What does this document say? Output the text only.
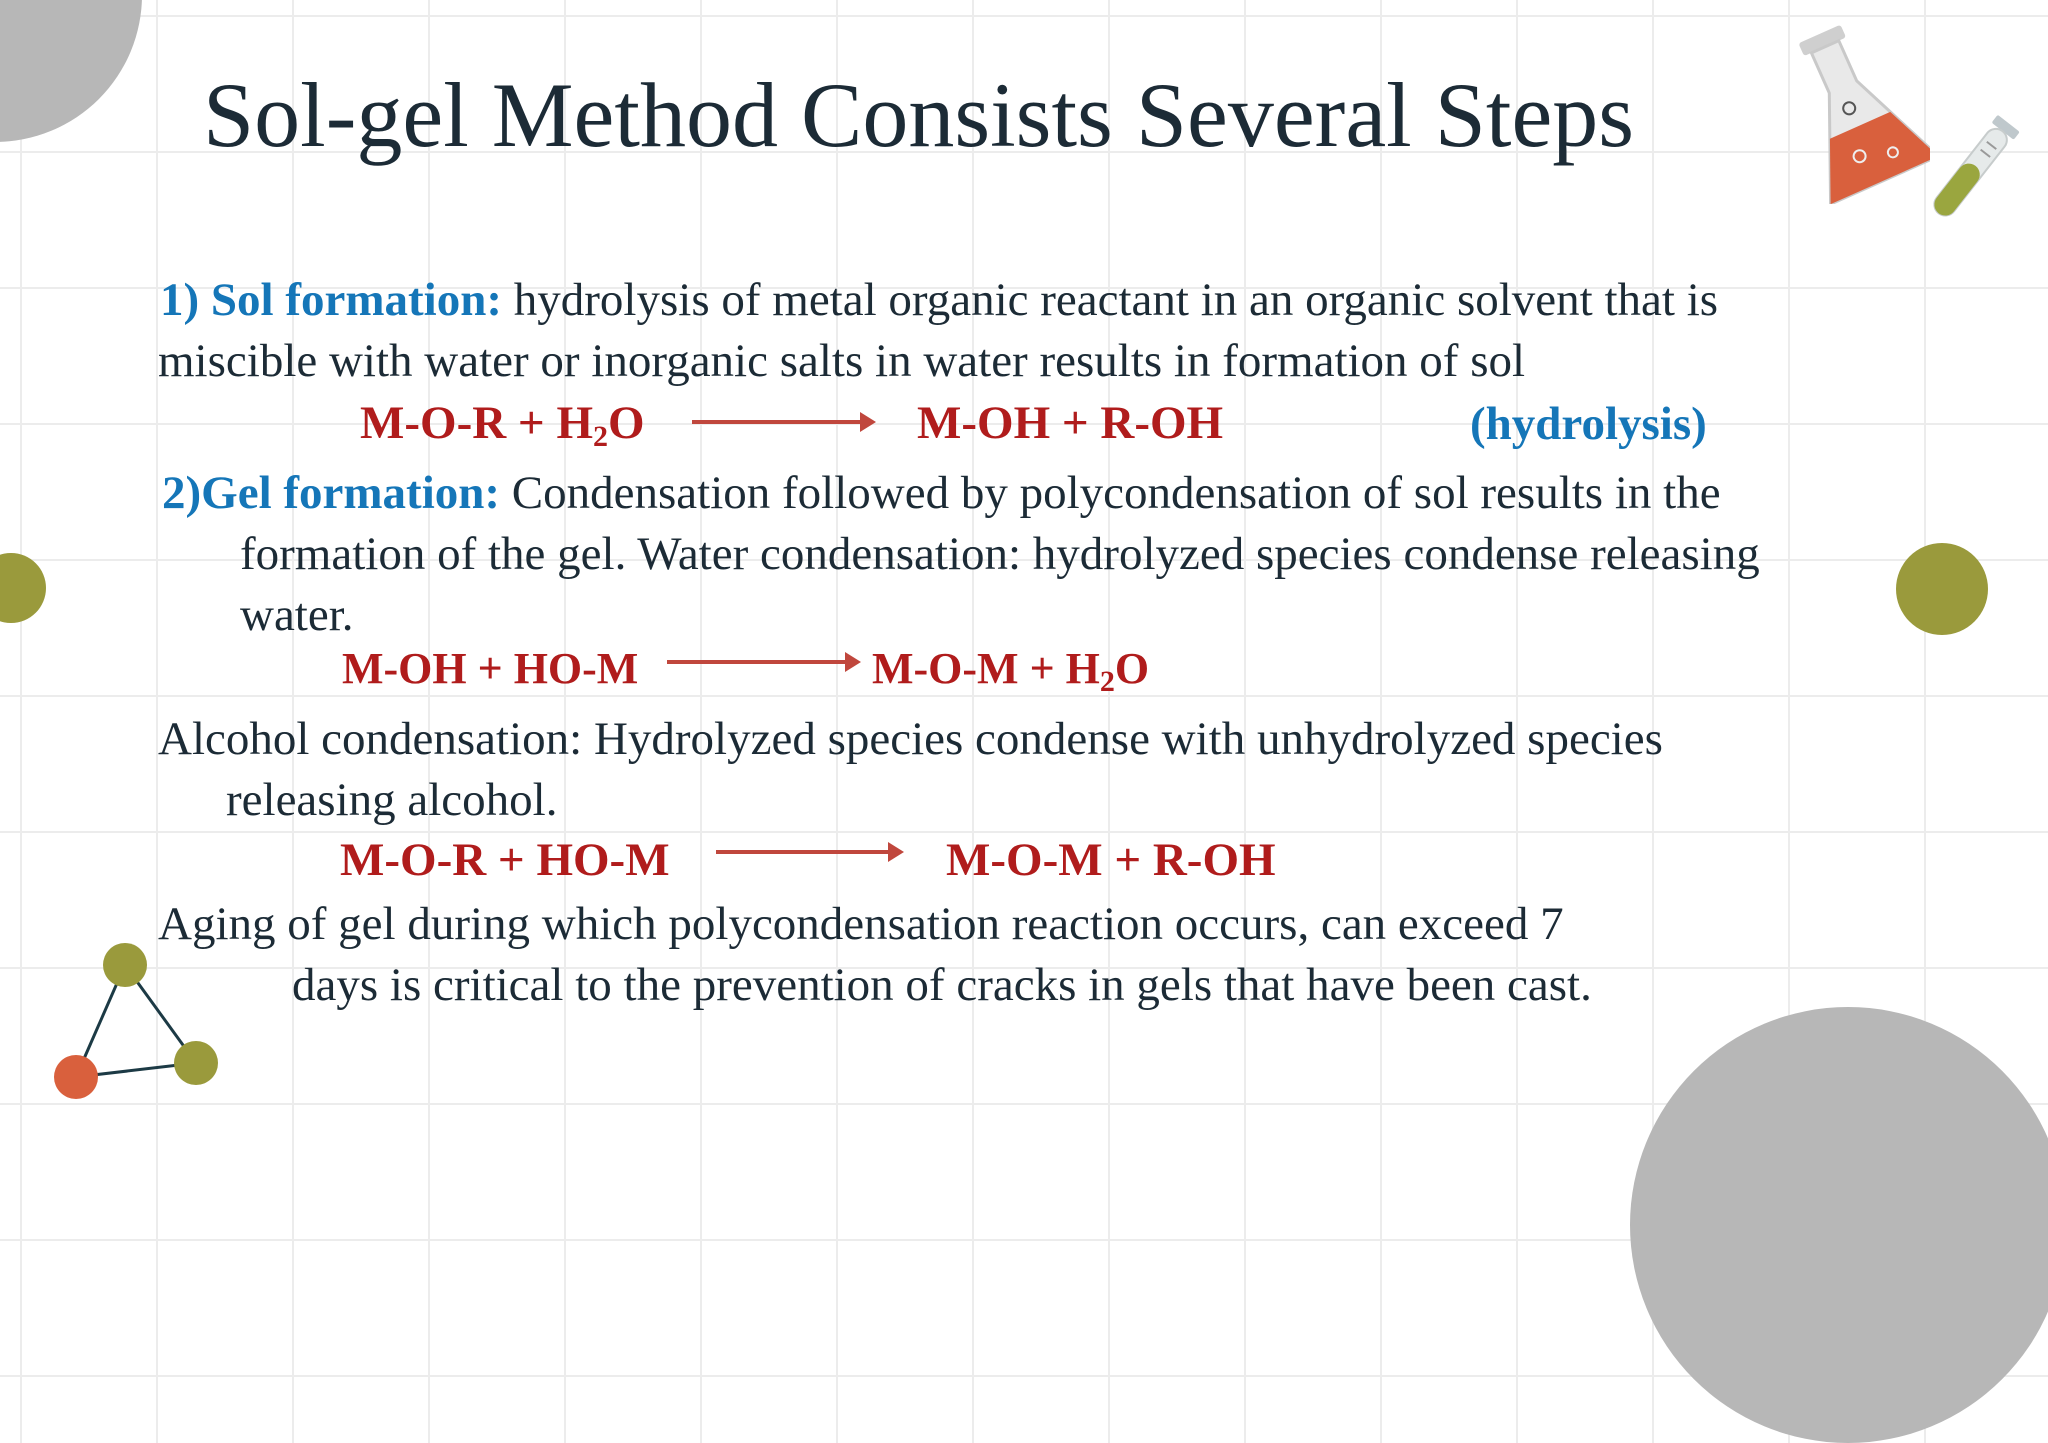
Sol-gel Method Consists Several Steps
1) Sol formation: hydrolysis of metal organic reactant in an organic solvent that is
miscible with water or inorganic salts in water results in formation of sol
$M-O-R + H_2O$	M-OH + R-OH	(hydrolysis)
2)Gel formation: Condensation followed by polycondensation of sol results in the
formation of the gel. Water condensation: hydrolyzed species condense releasing
water.
M-OH + HO-M	$M-O-M + H_2O$
Alcohol condensation: Hydrolyzed species condense with unhydrolyzed species
releasing alcohol.
M-O-R + HO-M	M-O-M + R-OH
Aging of gel during which polycondensation reaction occurs, can exceed 7
days is critical to the prevention of cracks in gels that have been cast.
